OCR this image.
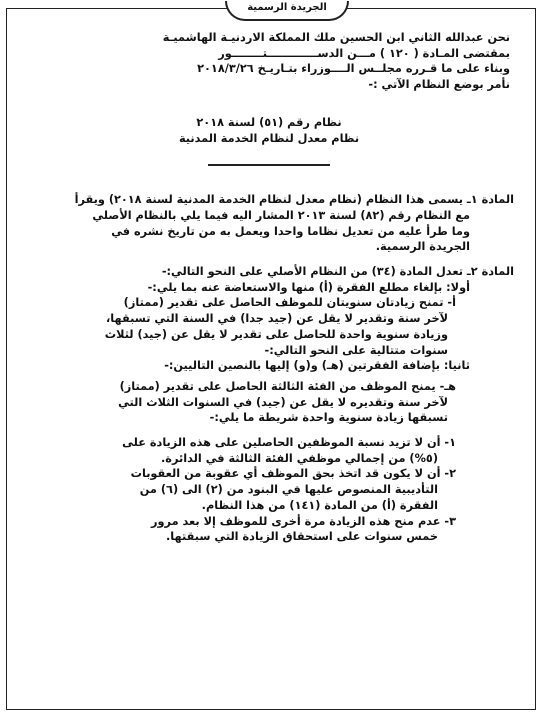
الجريدة الرسمية
نحن عبدالله الثاني ابن الحسين ملك المملكة الاردنيـة الهاشميـة
بمقتضى المـادة ( ١٢٠ ) مـــن الدســـــــــــــتــــــــور
وبناء على ما قـرره مجلــس الــــوزراء بتـاريـخ ٢٠١٨/٣/٢٦
نأمر بوضع النظام الآتي :-
نظام رقم (٥١) لسنة ٢٠١٨
نظام معدل لنظام الخدمة المدنية
المادة ١ـ يسمى هذا النظام (نظام معدل لنظام الخدمة المدنية لسنة ٢٠١٨) ويقرأ
مع النظام رقم (٨٢) لسنة ٢٠١٣ المشار اليه فيما يلي بالنظام الأصلي
وما طرأ عليه من تعديل نظاما واحدا ويعمل به من تاريخ نشره في
الجريدة الرسمية.
المادة ٢ـ تعدل المادة (٣٤) من النظام الأصلي على النحو التالي:-
أولا: بإلغاء مطلع الفقرة (أ) منها والاستعاضة عنه بما يلي:-
أ- تمنح زيادتان سنويتان للموظف الحاصل على تقدير (ممتاز)
لآخر سنة وتقدير لا يقل عن (جيد جدا) في السنة التي تسبقها،
وزيادة سنوية واحدة للحاصل على تقدير لا يقل عن (جيد) لثلاث
سنوات متتالية على النحو التالي:-
ثانيا: بإضافة الفقرتين (هـ) و(و) إليها بالنصين التاليين:-
هـ- يمنح الموظف من الفئة الثالثة الحاصل على تقدير (ممتاز)
لآخر سنة وتقديره لا يقل عن (جيد) في السنوات الثلاث التي
تسبقها زيادة سنوية واحدة شريطة ما يلي:-
١- أن لا تزيد نسبة الموظفين الحاصلين على هذه الزيادة على
(٥%) من إجمالي موظفي الفئة الثالثة في الدائرة.
٢- أن لا يكون قد اتخذ بحق الموظف أي عقوبة من العقوبات
التأديبية المنصوص عليها في البنود من (٢) الى (٦) من
الفقرة (أ) من المادة (١٤١) من هذا النظام.
٣- عدم منح هذه الزيادة مرة أخرى للموظف إلا بعد مرور
خمس سنوات على استحقاق الزيادة التي سبقتها.
